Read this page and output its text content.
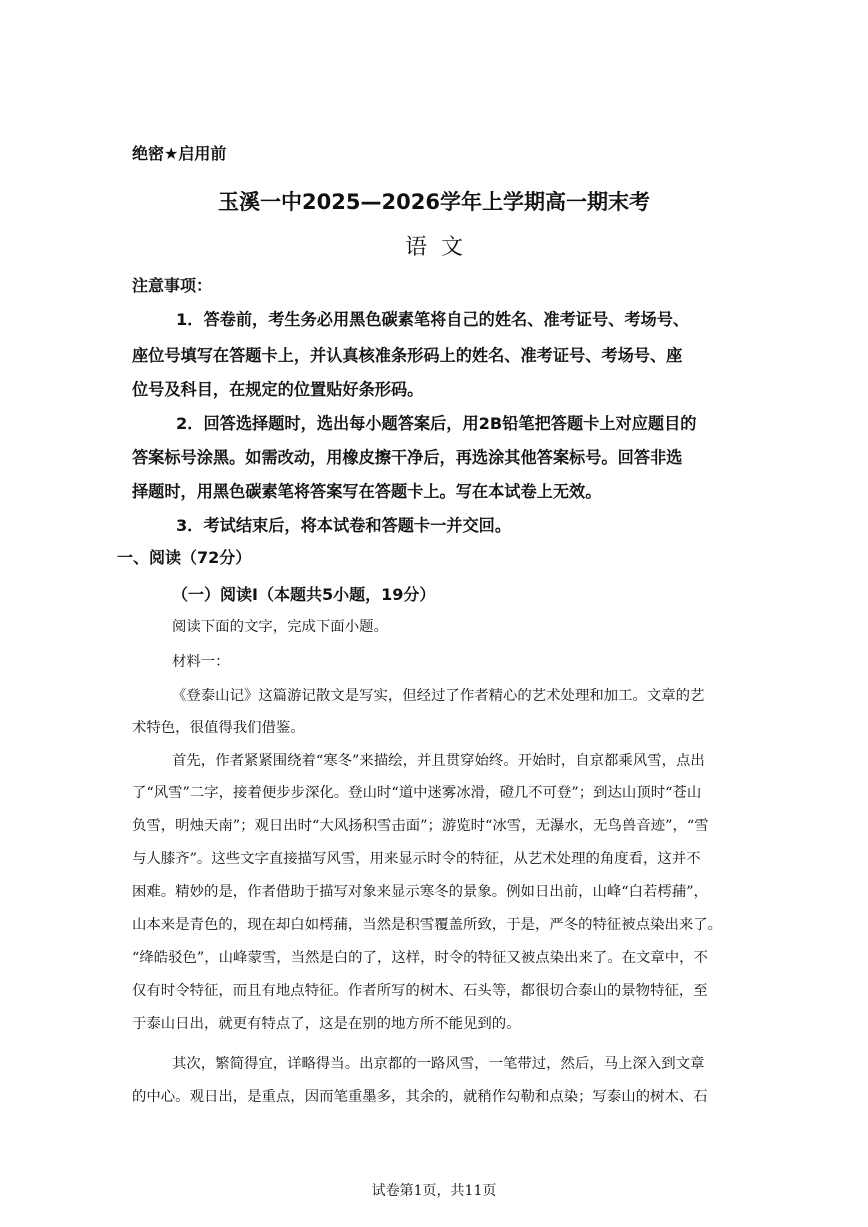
绝密★启用前
玉溪一中2025—2026学年上学期高一期末考
语文
注意事项：
1．答卷前，考生务必用黑色碳素笔将自己的姓名、准考证号、考场号、
座位号填写在答题卡上，并认真核准条形码上的姓名、准考证号、考场号、座
位号及科目，在规定的位置贴好条形码。
2．回答选择题时，选出每小题答案后，用2B铅笔把答题卡上对应题目的
答案标号涂黑。如需改动，用橡皮擦干净后，再选涂其他答案标号。回答非选
择题时，用黑色碳素笔将答案写在答题卡上。写在本试卷上无效。
3．考试结束后，将本试卷和答题卡一并交回。
一、阅读（72分）
（一）阅读I（本题共5小题，19分）
阅读下面的文字，完成下面小题。
材料一：
《登泰山记》这篇游记散文是写实，但经过了作者精心的艺术处理和加工。文章的艺
术特色，很值得我们借鉴。
首先，作者紧紧围绕着“寒冬”来描绘，并且贯穿始终。开始时，自京都乘风雪，点出
了“风雪”二字，接着便步步深化。登山时“道中迷雾冰滑，磴几不可登”；到达山顶时“苍山
负雪，明烛天南”；观日出时“大风扬积雪击面”；游览时“冰雪，无瀑水，无鸟兽音迹”，“雪
与人膝齐”。这些文字直接描写风雪，用来显示时令的特征，从艺术处理的角度看，这并不
困难。精妙的是，作者借助于描写对象来显示寒冬的景象。例如日出前，山峰“白若樗蒱”，
山本来是青色的，现在却白如樗蒱，当然是积雪覆盖所致，于是，严冬的特征被点染出来了。
“绛皓驳色”，山峰蒙雪，当然是白的了，这样，时令的特征又被点染出来了。在文章中，不
仅有时令特征，而且有地点特征。作者所写的树木、石头等，都很切合泰山的景物特征，至
于泰山日出，就更有特点了，这是在别的地方所不能见到的。
其次，繁简得宜，详略得当。出京都的一路风雪，一笔带过，然后，马上深入到文章
的中心。观日出，是重点，因而笔重墨多，其余的，就稍作勾勒和点染；写泰山的树木、石
试卷第1页，共11页
